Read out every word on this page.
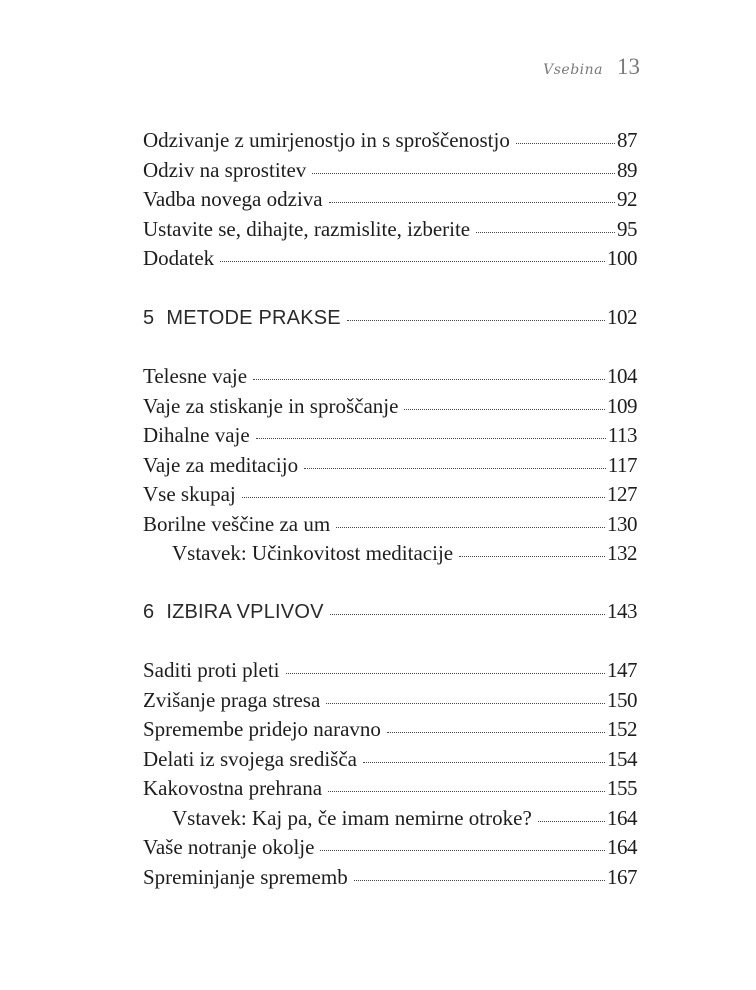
Vsebina 13
Odzivanje z umirjenostjo in s sproščenostjo	87
Odziv na sprostitev	89
Vadba novega odziva	92
Ustavite se, dihajte, razmislite, izberite	95
Dodatek	100
5 METODE PRAKSE	102
Telesne vaje	104
Vaje za stiskanje in sproščanje	109
Dihalne vaje	113
Vaje za meditacijo	117
Vse skupaj	127
Borilne veščine za um	130
Vstavek: Učinkovitost meditacije	132
6 IZBIRA VPLIVOV	143
Saditi proti pleti	147
Zvišanje praga stresa	150
Spremembe pridejo naravno	152
Delati iz svojega središča	154
Kakovostna prehrana	155
Vstavek: Kaj pa, če imam nemirne otroke?	164
Vaše notranje okolje	164
Spreminjanje sprememb	167
